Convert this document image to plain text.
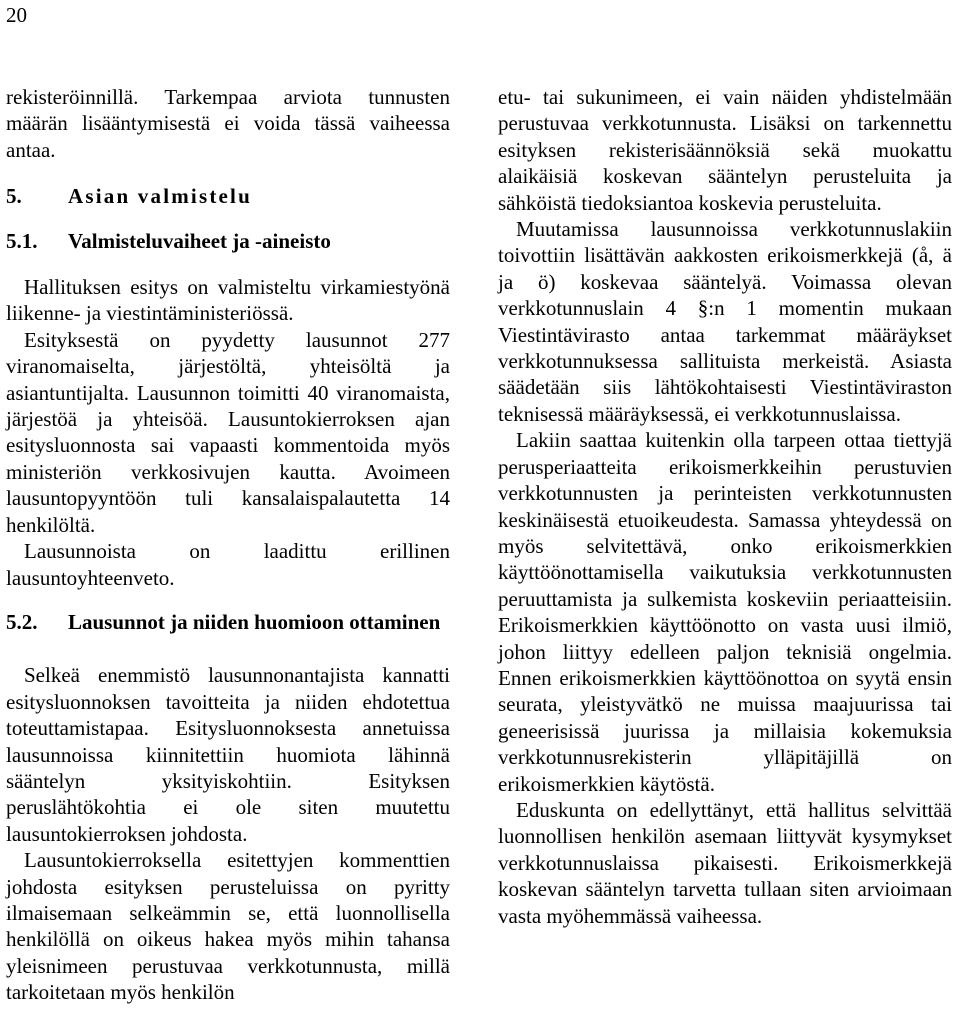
20

rekisteröinnillä. Tarkempaa arviota tunnusten määrän lisääntymisestä ei voida tässä vaiheessa antaa.

5. Asian valmistelu
5.1. Valmisteluvaiheet ja -aineisto

Hallituksen esitys on valmisteltu virkamiestyönä liikenne- ja viestintäministeriössä.

Esityksestä on pyydetty lausunnot 277 viranomaiselta, järjestöltä, yhteisöltä ja asiantuntijalta. Lausunnon toimitti 40 viranomaista, järjestöä ja yhteisöä. Lausuntokierroksen ajan esitysluonnosta sai vapaasti kommentoida myös ministeriön verkkosivujen kautta. Avoimeen lausuntopyyntöön tuli kansalaispalautetta 14 henkilöltä.

Lausunnoista on laadittu erillinen lausuntoyhteenveto.

5.2.	Lausunnot ja niiden huomioon ottaminen

Selkeä enemmistö lausunnonantajista kannatti esitysluonnoksen tavoitteita ja niiden ehdotettua toteuttamistapaa. Esitysluonnoksesta annetuissa lausunnoissa kiinnitettiin huomiota lähinnä sääntelyn yksityiskohtiin. Esityksen peruslähtökohtia ei ole siten muutettu lausuntokierroksen johdosta.

Lausuntokierroksella esitettyjen kommenttien johdosta esityksen perusteluissa on pyritty ilmaisemaan selkeämmin se, että luonnollisella henkilöllä on oikeus hakea myös mihin tahansa yleisnimeen perustuvaa verkkotunnusta, millä tarkoitetaan myös henkilön

etu- tai sukunimeen, ei vain näiden yhdistelmään perustuvaa verkkotunnusta. Lisäksi on tarkennettu esityksen rekisterisäännöksiä sekä muokattu alaikäisiä koskevan sääntelyn perusteluita ja sähköistä tiedoksiantoa koskevia perusteluita.

Muutamissa lausunnoissa verkkotunnuslakiin toivottiin lisättävän aakkosten erikoismerkkejä (å, ä ja ö) koskevaa sääntelyä. Voimassa olevan verkkotunnuslain 4 §:n 1 momentin mukaan Viestintävirasto antaa tarkemmat määräykset verkkotunnuksessa sallituista merkeistä. Asiasta säädetään siis lähtökohtaisesti Viestintäviraston teknisessä määräyksessä, ei verkkotunnuslaissa.

Lakiin saattaa kuitenkin olla tarpeen ottaa tiettyjä perusperiaatteita erikoismerkkeihin perustuvien verkkotunnusten ja perinteisten verkkotunnusten keskinäisestä etuoikeudesta. Samassa yhteydessä on myös selvitettävä, onko erikoismerkkien käyttöönottamisella vaikutuksia verkkotunnusten peruuttamista ja sulkemista koskeviin periaatteisiin. Erikoismerkkien käyttöönotto on vasta uusi ilmiö, johon liittyy edelleen paljon teknisiä ongelmia. Ennen erikoismerkkien käyttöönottoa on syytä ensin seurata, yleistyvätkö ne muissa maajuurissa tai geneerisissä juurissa ja millaisia kokemuksia verkkotunnusrekisterin ylläpitäjillä on erikoismerkkien käytöstä.

Eduskunta on edellyttänyt, että hallitus selvittää luonnollisen henkilön asemaan liittyvät kysymykset verkkotunnuslaissa pikaisesti. Erikoismerkkejä koskevan sääntelyn tarvetta tullaan siten arvioimaan vasta myöhemmässä vaiheessa.
